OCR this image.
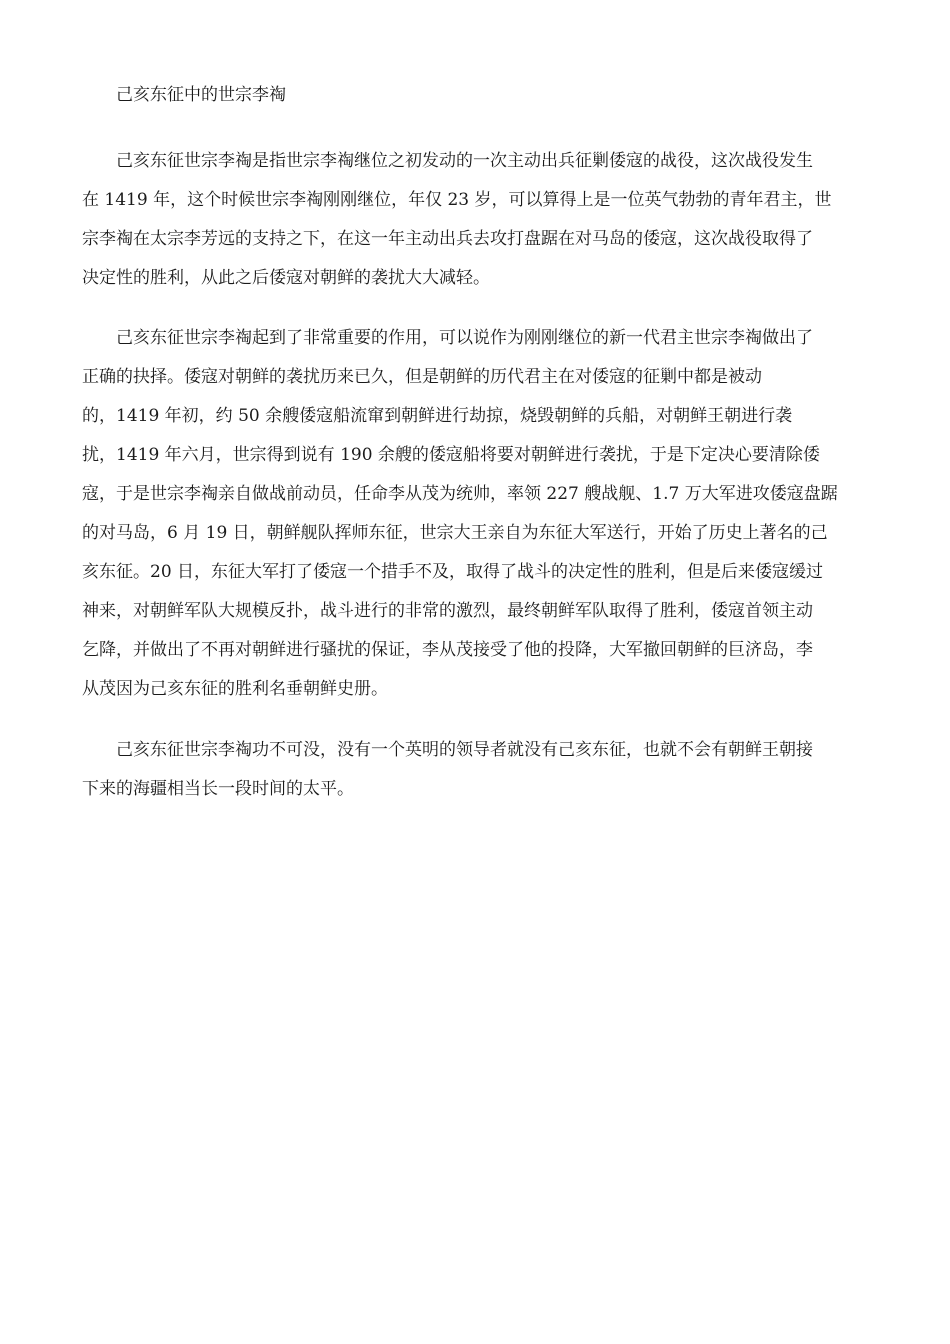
己亥东征中的世宗李祹

己亥东征世宗李祹是指世宗李祹继位之初发动的一次主动出兵征剿倭寇的战役，这次战役发生
在 1419 年，这个时候世宗李祹刚刚继位，年仅 23 岁，可以算得上是一位英气勃勃的青年君主，世
宗李祹在太宗李芳远的支持之下，在这一年主动出兵去攻打盘踞在对马岛的倭寇，这次战役取得了
决定性的胜利，从此之后倭寇对朝鲜的袭扰大大减轻。

己亥东征世宗李祹起到了非常重要的作用，可以说作为刚刚继位的新一代君主世宗李祹做出了
正确的抉择。倭寇对朝鲜的袭扰历来已久，但是朝鲜的历代君主在对倭寇的征剿中都是被动
的，1419 年初，约 50 余艘倭寇船流窜到朝鲜进行劫掠，烧毁朝鲜的兵船，对朝鲜王朝进行袭
扰，1419 年六月，世宗得到说有 190 余艘的倭寇船将要对朝鲜进行袭扰，于是下定决心要清除倭
寇，于是世宗李祹亲自做战前动员，任命李从茂为统帅，率领 227 艘战舰、1.7 万大军进攻倭寇盘踞
的对马岛，6 月 19 日，朝鲜舰队挥师东征，世宗大王亲自为东征大军送行，开始了历史上著名的己
亥东征。20 日，东征大军打了倭寇一个措手不及，取得了战斗的决定性的胜利，但是后来倭寇缓过
神来，对朝鲜军队大规模反扑，战斗进行的非常的激烈，最终朝鲜军队取得了胜利，倭寇首领主动
乞降，并做出了不再对朝鲜进行骚扰的保证，李从茂接受了他的投降，大军撤回朝鲜的巨济岛，李
从茂因为己亥东征的胜利名垂朝鲜史册。

己亥东征世宗李祹功不可没，没有一个英明的领导者就没有己亥东征，也就不会有朝鲜王朝接
下来的海疆相当长一段时间的太平。
